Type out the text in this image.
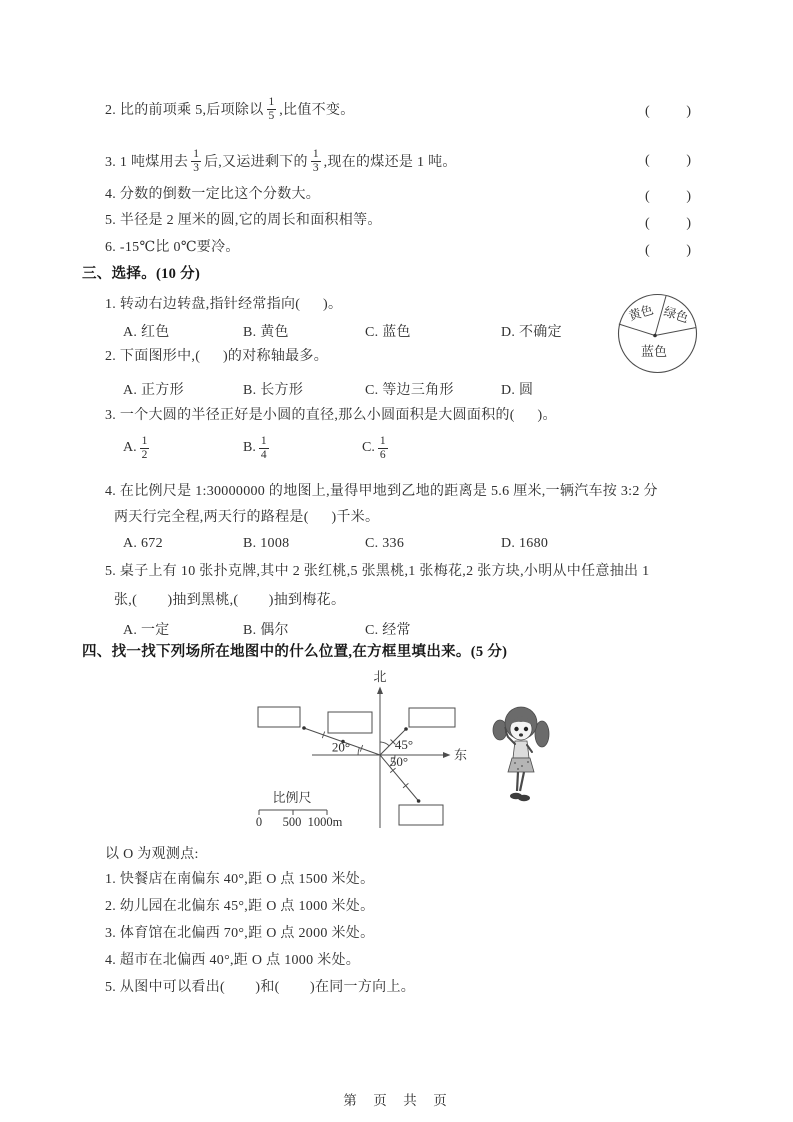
2. 比的前项乘 5,后项除以 $\frac{1}{5}$ ,比值不变。	(	)
3. 1 吨煤用去 $\frac{1}{3}$ 后,又运进剩下的 $\frac{1}{3}$ ,现在的煤还是 1 吨。	(	)
4. 分数的倒数一定比这个分数大。	(	)
5. 半径是 2 厘米的圆,它的周长和面积相等。	(	)
6. -15℃比 0℃要冷。	(	)
三、选择。(10 分)
1. 转动右边转盘,指针经常指向(      )。
A. 红色	B. 黄色	C. 蓝色	D. 不确定
黄色 绿色
蓝色
2. 下面图形中,(      )的对称轴最多。
A. 正方形	B. 长方形	C. 等边三角形	D. 圆
3. 一个大圆的半径正好是小圆的直径,那么小圆面积是大圆面积的(      )。
A. $\frac{1}{2}$	B. $\frac{1}{4}$	C. $\frac{1}{6}$
4. 在比例尺是 1:30000000 的地图上,量得甲地到乙地的距离是 5.6 厘米,一辆汽车按 3:2 分
两天行完全程,两天行的路程是(      )千米。
A. 672	B. 1008	C. 336	D. 1680
5. 桌子上有 10 张扑克牌,其中 2 张红桃,5 张黑桃,1 张梅花,2 张方块,小明从中任意抽出 1
张,(        )抽到黑桃,(        )抽到梅花。
A. 一定	B. 偶尔	C. 经常
四、找一找下列场所在地图中的什么位置,在方框里填出来。(5 分)
北
东
20°	45°
50°
比例尺
0 500 1000m
以 O 为观测点:
1. 快餐店在南偏东 40°,距 O 点 1500 米处。
2. 幼儿园在北偏东 45°,距 O 点 1000 米处。
3. 体育馆在北偏西 70°,距 O 点 2000 米处。
4. 超市在北偏西 40°,距 O 点 1000 米处。
5. 从图中可以看出(        )和(        )在同一方向上。
第  页  共  页
